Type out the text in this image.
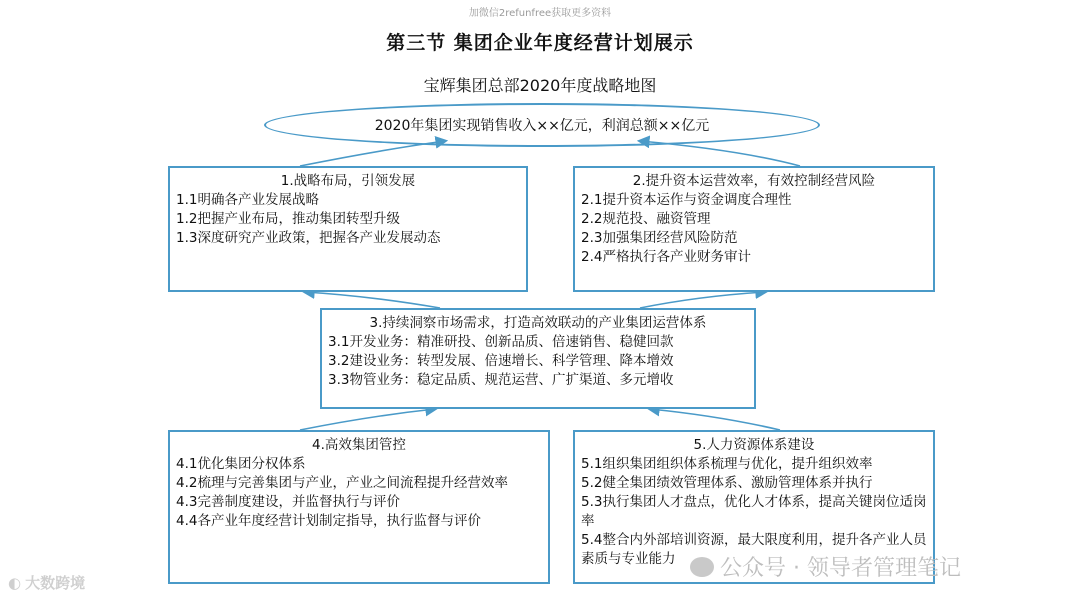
加微信2refunfree获取更多资料
第三节 集团企业年度经营计划展示
宝辉集团总部2020年度战略地图
2020年集团实现销售收入××亿元，利润总额××亿元
1.战略布局，引领发展
1.1明确各产业发展战略
1.2把握产业布局，推动集团转型升级
1.3深度研究产业政策，把握各产业发展动态
2.提升资本运营效率，有效控制经营风险
2.1提升资本运作与资金调度合理性
2.2规范投、融资管理
2.3加强集团经营风险防范
2.4严格执行各产业财务审计
3.持续洞察市场需求，打造高效联动的产业集团运营体系
3.1开发业务：精准研投、创新品质、倍速销售、稳健回款
3.2建设业务：转型发展、倍速增长、科学管理、降本增效
3.3物管业务：稳定品质、规范运营、广扩渠道、多元增收
4.高效集团管控
4.1优化集团分权体系
4.2梳理与完善集团与产业，产业之间流程提升经营效率
4.3完善制度建设，并监督执行与评价
4.4各产业年度经营计划制定指导，执行监督与评价
5.人力资源体系建设
5.1组织集团组织体系梳理与优化，提升组织效率
5.2健全集团绩效管理体系、激励管理体系并执行
5.3执行集团人才盘点，优化人才体系，提高关键岗位适岗率
5.4整合内外部培训资源，最大限度利用，提升各产业人员素质与专业能力
◐ 大数跨境
公众号 · 领导者管理笔记
